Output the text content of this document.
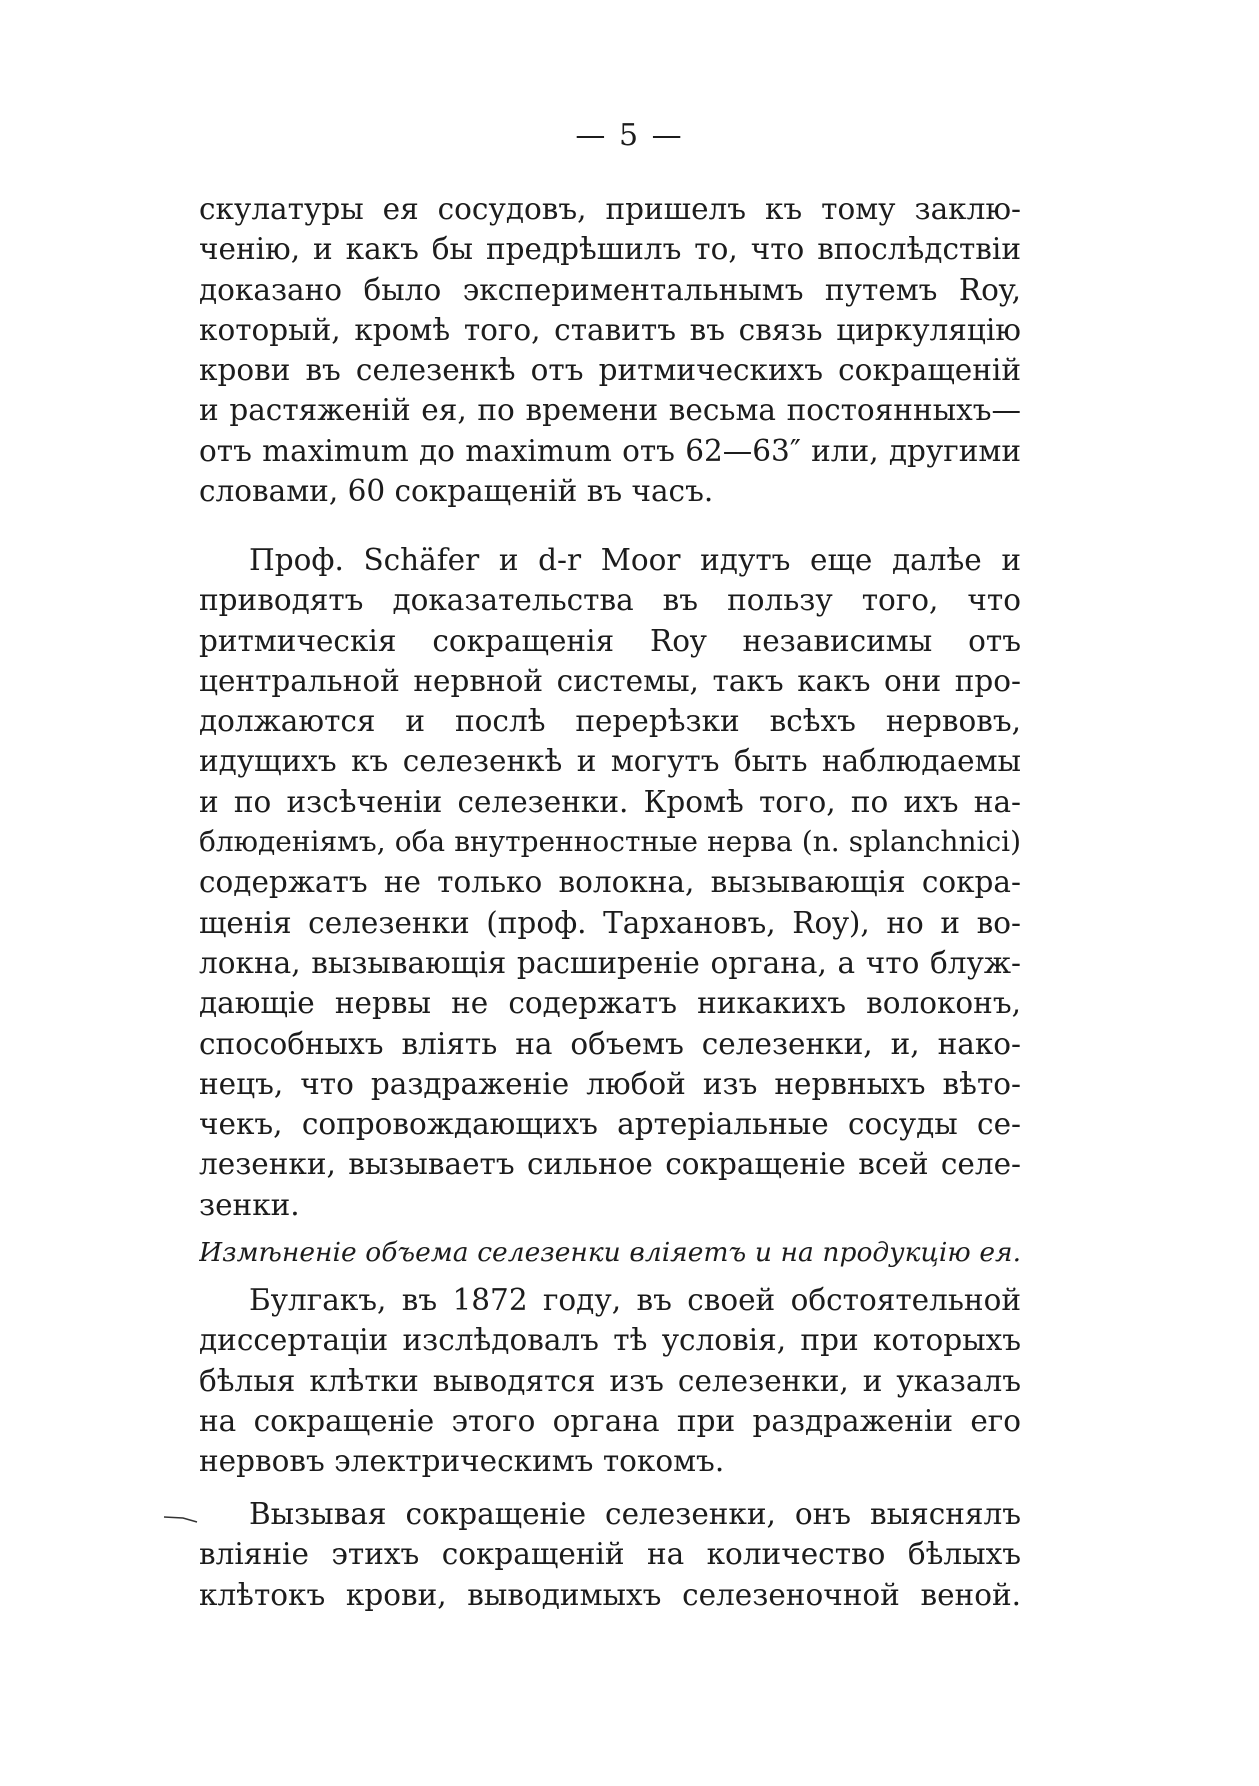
— 5 —
скулатуры ея сосудовъ, пришелъ къ тому заклю-
ченію, и какъ бы предрѣшилъ то, что впослѣдствіи
доказано было экспериментальнымъ путемъ Roy,
который, кромѣ того, ставитъ въ связь циркуляцію
крови въ селезенкѣ отъ ритмическихъ сокращеній
и растяженій ея, по времени весьма постоянныхъ—
отъ maximum до maximum отъ 62—63″ или, другими
словами, 60 сокращеній въ часъ.
Проф. Schäfer и d-r Moor идутъ еще далѣе и
приводятъ доказательства въ пользу того, что
ритмическія сокращенія Roy независимы отъ
центральной нервной системы, такъ какъ они про-
должаются и послѣ перерѣзки всѣхъ нервовъ,
идущихъ къ селезенкѣ и могутъ быть наблюдаемы
и по изсѣченіи селезенки. Кромѣ того, по ихъ на-
блюденіямъ, оба внутренностные нерва (n. splanchnici)
содержатъ не только волокна, вызывающія сокра-
щенія селезенки (проф. Тархановъ, Roy), но и во-
локна, вызывающія расширеніе органа, а что блуж-
дающіе нервы не содержатъ никакихъ волоконъ,
способныхъ вліять на объемъ селезенки, и, нако-
нецъ, что раздраженіе любой изъ нервныхъ вѣто-
чекъ, сопровождающихъ артеріальные сосуды се-
лезенки, вызываетъ сильное сокращеніе всей селе-
зенки.
Измѣненіе объема селезенки вліяетъ и на продукцію ея.
Булгакъ, въ 1872 году, въ своей обстоятельной
диссертаціи изслѣдовалъ тѣ условія, при которыхъ
бѣлыя клѣтки выводятся изъ селезенки, и указалъ
на сокращеніе этого органа при раздраженіи его
нервовъ электрическимъ токомъ.
Вызывая сокращеніе селезенки, онъ выяснялъ
вліяніе этихъ сокращеній на количество бѣлыхъ
клѣтокъ крови, выводимыхъ селезеночной веной.
